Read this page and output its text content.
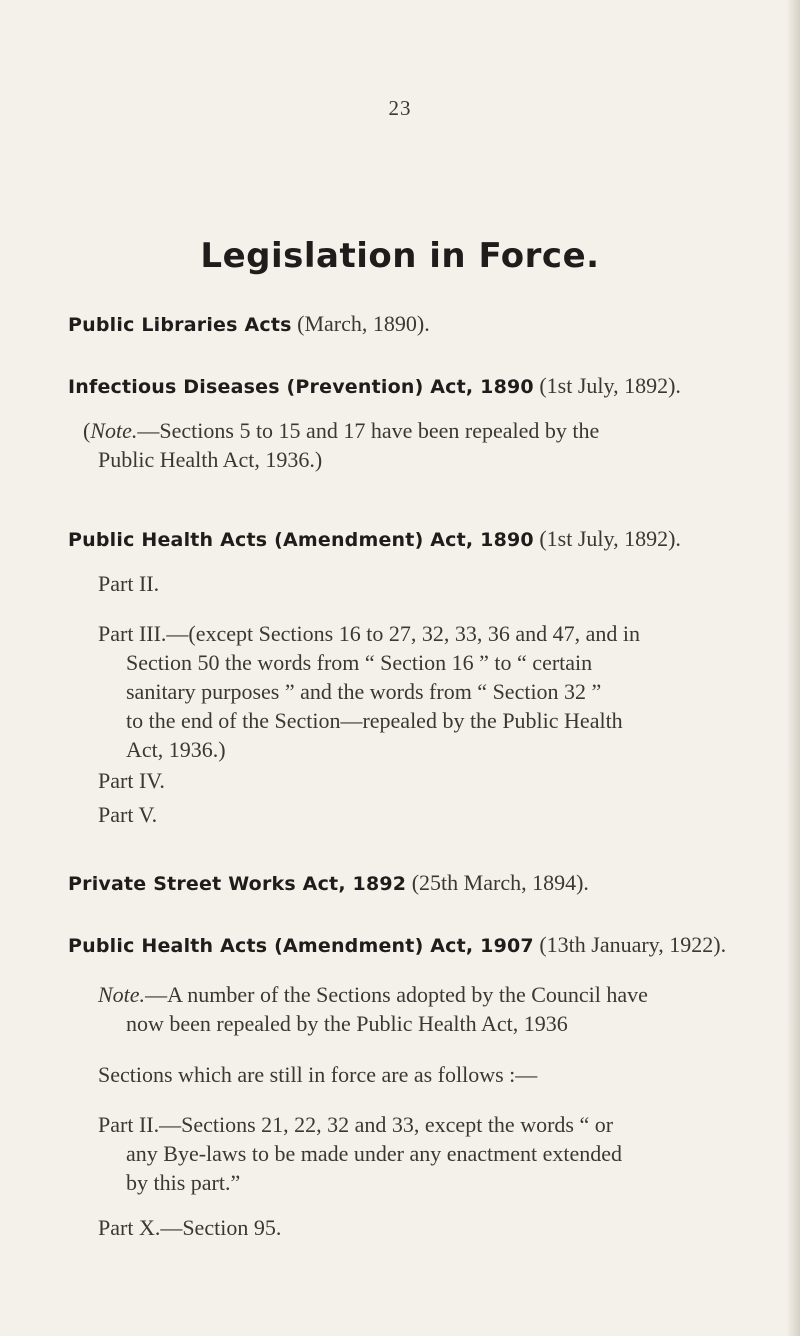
23
Legislation in Force.
Public Libraries Acts (March, 1890).
Infectious Diseases (Prevention) Act, 1890 (1st July, 1892).
(Note.—Sections 5 to 15 and 17 have been repealed by the
Public Health Act, 1936.)
Public Health Acts (Amendment) Act, 1890 (1st July, 1892).
Part II.
Part III.—(except Sections 16 to 27, 32, 33, 36 and 47, and in
Section 50 the words from “ Section 16 ” to “ certain
sanitary purposes ” and the words from “ Section 32 ”
to the end of the Section—repealed by the Public Health
Act, 1936.)
Part IV.
Part V.
Private Street Works Act, 1892 (25th March, 1894).
Public Health Acts (Amendment) Act, 1907 (13th January, 1922).
Note.—A number of the Sections adopted by the Council have
now been repealed by the Public Health Act, 1936
Sections which are still in force are as follows :—
Part II.—Sections 21, 22, 32 and 33, except the words “ or
any Bye-laws to be made under any enactment extended
by this part.”
Part X.—Section 95.
